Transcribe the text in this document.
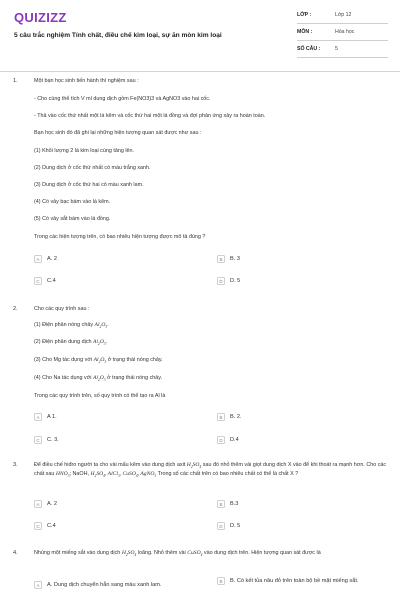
QUIZIZZ
5 câu trắc nghiệm Tính chất, điều chế kim loại, sự ăn mòn kim loại
LỚP :	Lớp 12
MÔN :	Hóa học
SỐ CÂU :	5
1.	Một bạn học sinh tiến hành thí nghiệm sau :
- Cho cùng thể tích V ml dung dịch gồm Fe(NO3)3 và AgNO3 vào hai cốc.
- Thả vào cốc thứ nhất một lá kẽm và cốc thứ hai một lá đồng và đợi phản ứng xảy ra hoàn toàn.
Bạn học sinh đó đã ghi lại những hiện tượng quan sát được như sau :
(1) Khối lượng 2 lá kim loại cùng tăng lên.
(2) Dung dịch ở cốc thứ nhất có màu trắng xanh.
(3) Dung dịch ở cốc thứ hai có màu xanh lam.
(4) Có vảy bạc bám vào lá kẽm.
(5) Có vảy sắt bám vào lá đồng.
Trong các hiện tượng trên, có bao nhiêu hiện tượng được mô tả đúng ?
A	A. 2	B	B. 3
C	C.4	D	D. 5
2.	Cho các quy trình sau :
(1) Điện phân nóng chảy $Al_2O_3$.
(2) Điện phân dung dịch $Al_2O_3$.
(3) Cho Mg tác dụng với $Al_2O_3$ ở trạng thái nóng chảy.
(4) Cho Na tác dụng với $Al_2O_3$ ở trạng thái nóng chảy.
Trong các quy trình trên, số quy trình có thể tạo ra Al là
A	A 1.	B	B. 2.
C	C. 3.	D	D.4
3.	Để điều chế hiđro người ta cho vài mẩu kẽm vào dung dịch axit $H_2SO_4$ sau đó nhỏ thêm vài giọt dung dịch X vào để khi thoát ra mạnh hơn. Cho các chất sau $HNO_3$; NaOH, $H_2SO_4$, AlCl$_3$, CuSO$_4$, AgNO$_3$ Trong số các chất trên có bao nhiêu chất có thể là chất X ?
A	A. 2	B	B.3
C	C.4	D	D. 5
4.	Nhúng một miếng sắt vào dung dịch $H_2SO_4$ loãng. Nhỏ thêm vài CuSO$_4$ vào dung dịch trên. Hiện tượng quan sát được là
A	A. Dung dịch chuyển hẳn sang màu xanh lam.
B	B. Có kết tủa nâu đỏ trên toàn bộ bề mặt miếng sắt.
